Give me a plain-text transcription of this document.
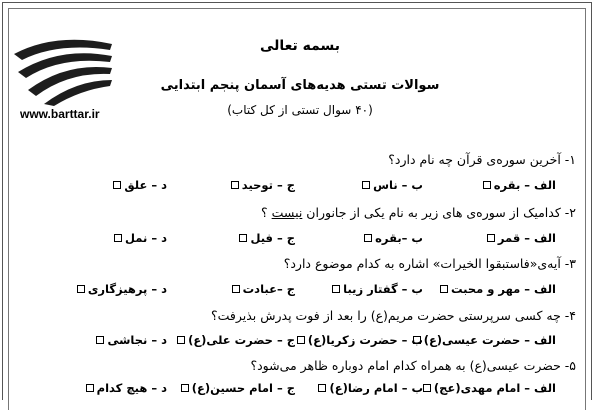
www.barttar.ir
بسمه تعالی
سوالات تستی هدیه‌های آسمان پنجم ابتدایی
(۴۰ سوال تستی از کل کتاب)
۱- آخرین سوره‌ی قرآن چه نام دارد؟
الف – بقره
ب – ناس
ج – توحید
د – علق
۲- کدامیک از سوره‌ی های زیر به نام یکی از جانوران نیست ؟
الف – قمر
ب –بقره
ج – فیل
د – نمل
۳- آیه‌ی«فاستبقوا الخیرات» اشاره به کدام موضوع دارد؟
الف – مهر و محبت
ب – گفتار زیبا
ج –عبادت
د – پرهیزگاری
۴- چه کسی سرپرستی حضرت مریم(ع) را بعد از فوت پدرش بذیرفت؟
الف – حضرت عیسی(ع)
ب – حضرت زکریا(ع)
ج – حضرت علی(ع)
د – نجاشی
۵- حضرت عیسی(ع) به همراه کدام امام دوباره ظاهر می‌شود؟
الف – امام مهدی(عج)
ب – امام رضا(ع)
ج – امام حسین(ع)
د – هیچ کدام
